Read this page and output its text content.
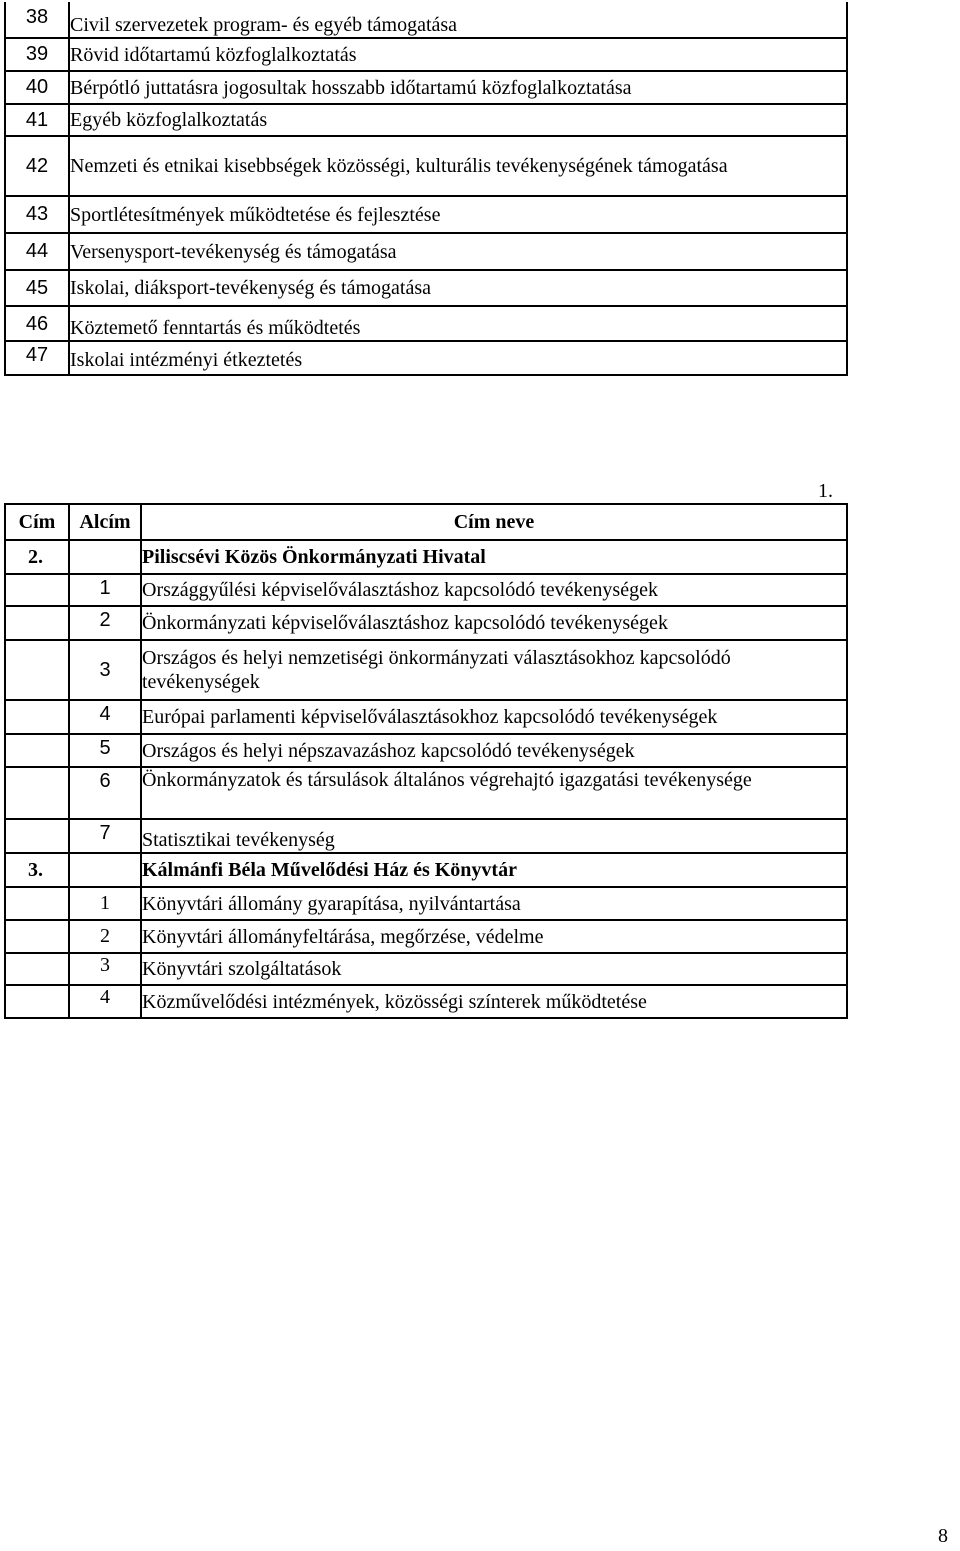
38	Civil szervezetek program- és egyéb támogatása
39	Rövid időtartamú közfoglalkoztatás
40	Bérpótló juttatásra jogosultak hosszabb időtartamú közfoglalkoztatása
41	Egyéb közfoglalkoztatás
42	Nemzeti és etnikai kisebbségek közösségi, kulturális tevékenységének támogatása
43	Sportlétesítmények működtetése és fejlesztése
44	Versenysport-tevékenység és támogatása
45	Iskolai, diáksport-tevékenység és támogatása
46	Köztemető fenntartás és működtetés
47	Iskolai intézményi étkeztetés
1.
Cím	Alcím	Cím neve
2.		Piliscsévi Közös Önkormányzati Hivatal
	1	Országgyűlési képviselőválasztáshoz kapcsolódó tevékenységek
	2	Önkormányzati képviselőválasztáshoz kapcsolódó tevékenységek
	3	Országos és helyi nemzetiségi önkormányzati választásokhoz kapcsolódó tevékenységek
	4	Európai parlamenti képviselőválasztásokhoz kapcsolódó tevékenységek
	5	Országos és helyi népszavazáshoz kapcsolódó tevékenységek
	6	Önkormányzatok és társulások általános végrehajtó igazgatási tevékenysége
	7	Statisztikai tevékenység
3.		Kálmánfi Béla Művelődési Ház és Könyvtár
	1	Könyvtári állomány gyarapítása, nyilvántartása
	2	Könyvtári állományfeltárása, megőrzése, védelme
	3	Könyvtári szolgáltatások
	4	Közművelődési intézmények, közösségi színterek működtetése
8
